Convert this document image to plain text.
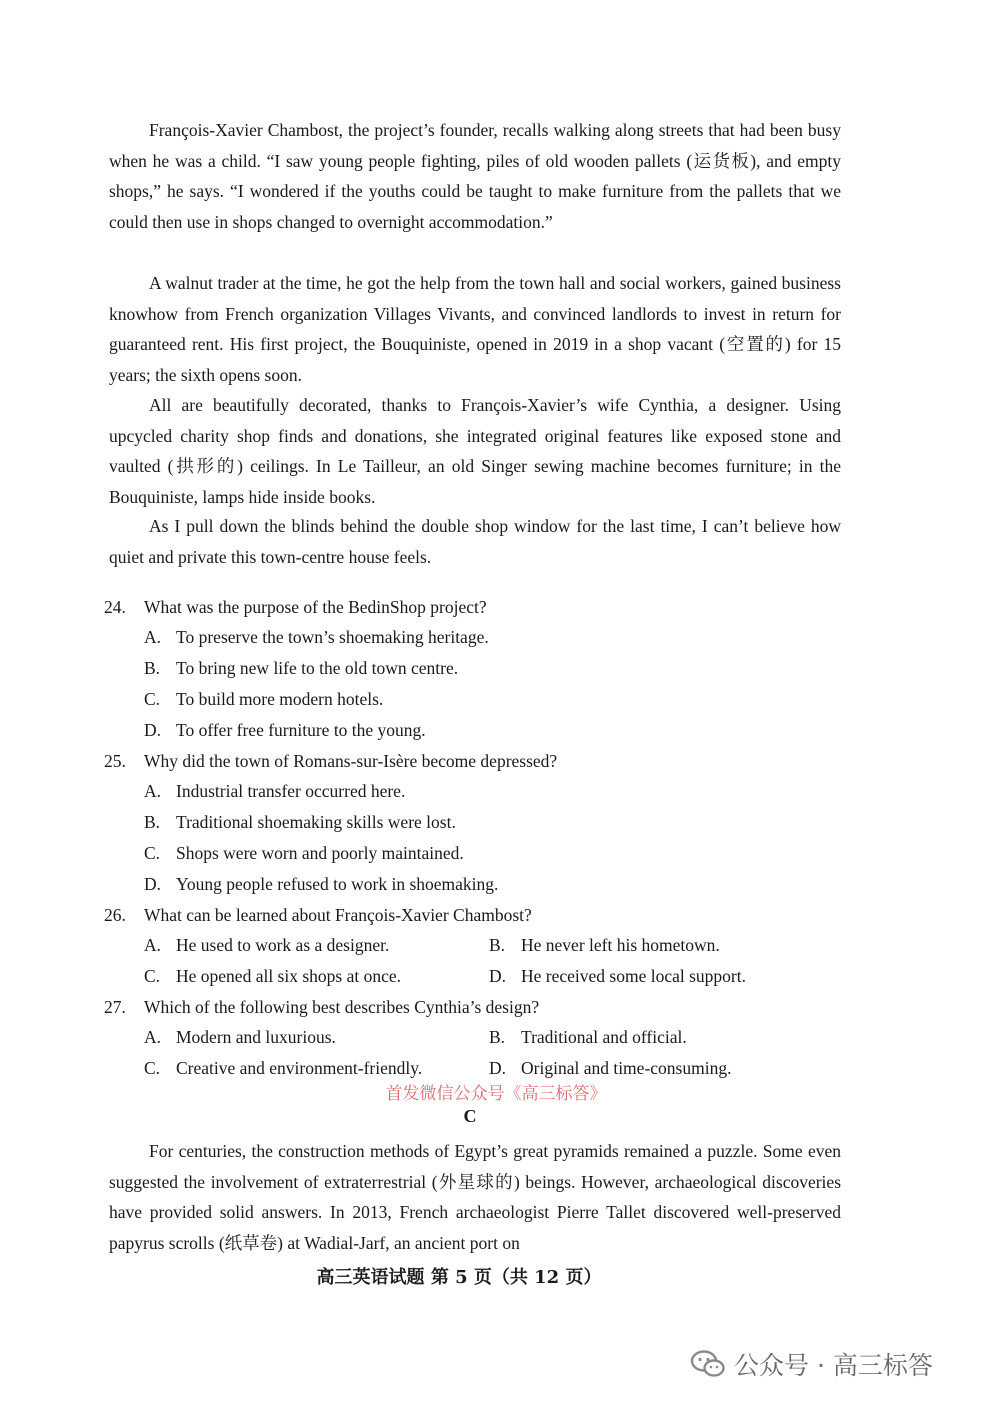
François-Xavier Chambost, the project’s founder, recalls walking along streets that had been busy when he was a child. “I saw young people fighting, piles of old wooden pallets (运货板), and empty shops,” he says. “I wondered if the youths could be taught to make furniture from the pallets that we could then use in shops changed to overnight accommodation.”

A walnut trader at the time, he got the help from the town hall and social workers, gained business knowhow from French organization Villages Vivants, and convinced landlords to invest in return for guaranteed rent. His first project, the Bouquiniste, opened in 2019 in a shop vacant (空置的) for 15 years; the sixth opens soon.

All are beautifully decorated, thanks to François-Xavier’s wife Cynthia, a designer. Using upcycled charity shop finds and donations, she integrated original features like exposed stone and vaulted (拱形的) ceilings. In Le Tailleur, an old Singer sewing machine becomes furniture; in the Bouquiniste, lamps hide inside books.

As I pull down the blinds behind the double shop window for the last time, I can’t believe how quiet and private this town-centre house feels.

24. What was the purpose of the BedinShop project?
A. To preserve the town’s shoemaking heritage.
B. To bring new life to the old town centre.
C. To build more modern hotels.
D. To offer free furniture to the young.
25. Why did the town of Romans-sur-Isère become depressed?
A. Industrial transfer occurred here.
B. Traditional shoemaking skills were lost.
C. Shops were worn and poorly maintained.
D. Young people refused to work in shoemaking.
26. What can be learned about François-Xavier Chambost?
A. He used to work as a designer.	B. He never left his hometown.
C. He opened all six shops at once.	D. He received some local support.
27. Which of the following best describes Cynthia’s design?
A. Modern and luxurious.	B. Traditional and official.
C. Creative and environment-friendly.	D. Original and time-consuming.
首发微信公众号《高三标答》
C

For centuries, the construction methods of Egypt’s great pyramids remained a puzzle. Some even suggested the involvement of extraterrestrial (外星球的) beings. However, archaeological discoveries have provided solid answers. In 2013, French archaeologist Pierre Tallet discovered well-preserved papyrus scrolls (纸草卷) at Wadial-Jarf, an ancient port on

高三英语试题 第 5 页（共 12 页）
公众号 · 高三标答
